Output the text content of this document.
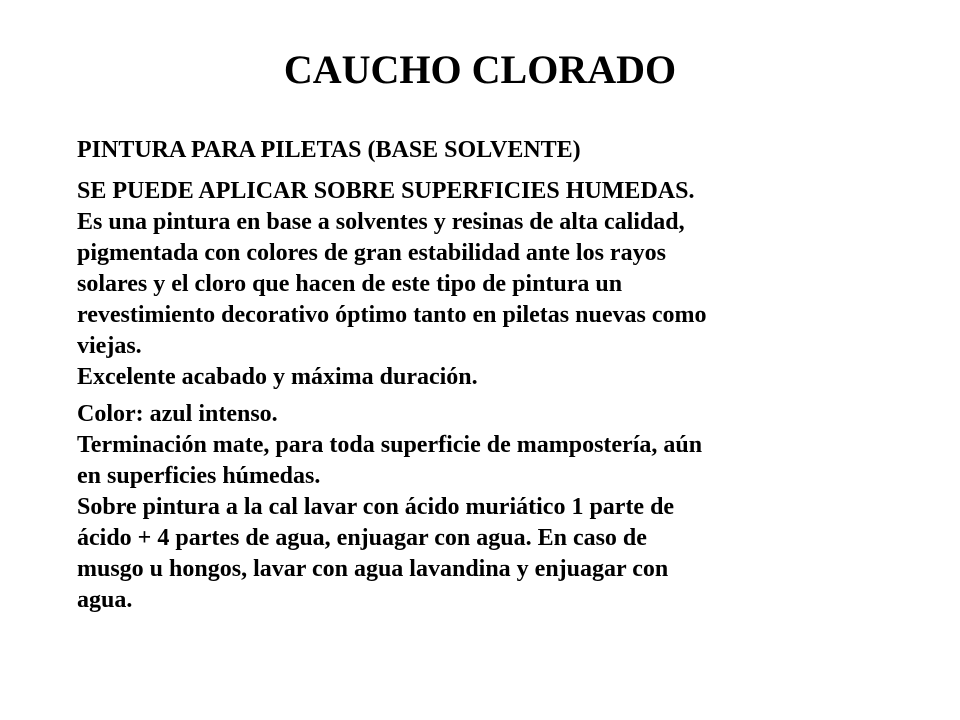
CAUCHO CLORADO

PINTURA PARA PILETAS (BASE SOLVENTE)

SE PUEDE APLICAR SOBRE SUPERFICIES HUMEDAS.
Es una pintura en base a solventes y resinas de alta calidad,
pigmentada con colores de gran estabilidad ante los rayos
solares y el cloro que hacen de este tipo de pintura un
revestimiento decorativo óptimo tanto en piletas nuevas como
viejas.
Excelente acabado y máxima duración.

Color: azul intenso.
Terminación mate, para toda superficie de mampostería, aún
en superficies húmedas.
Sobre pintura a la cal lavar con ácido muriático 1 parte de
ácido + 4 partes de agua, enjuagar con agua. En caso de
musgo u hongos, lavar con agua lavandina y enjuagar con
agua.
